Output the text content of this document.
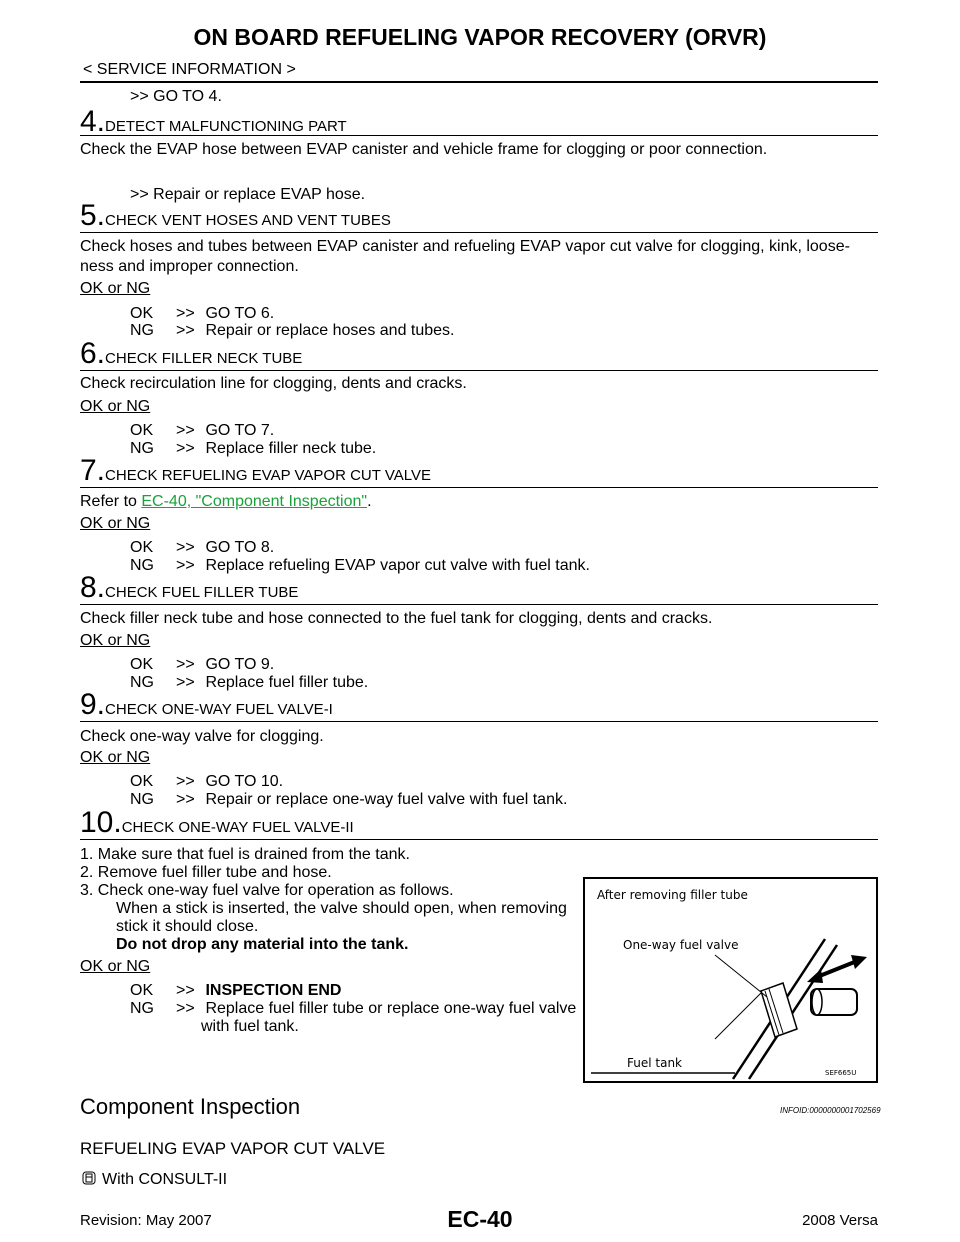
ON BOARD REFUELING VAPOR RECOVERY (ORVR)
< SERVICE INFORMATION >
>> GO TO 4.
4. DETECT MALFUNCTIONING PART
Check the EVAP hose between EVAP canister and vehicle frame for clogging or poor connection.
>> Repair or replace EVAP hose.
5. CHECK VENT HOSES AND VENT TUBES
Check hoses and tubes between EVAP canister and refueling EVAP vapor cut valve for clogging, kink, loose-
ness and improper connection.
OK or NG
OK >> GO TO 6.
NG >> Repair or replace hoses and tubes.
6. CHECK FILLER NECK TUBE
Check recirculation line for clogging, dents and cracks.
OK or NG
OK >> GO TO 7.
NG >> Replace filler neck tube.
7. CHECK REFUELING EVAP VAPOR CUT VALVE
Refer to EC-40, "Component Inspection".
OK or NG
OK >> GO TO 8.
NG >> Replace refueling EVAP vapor cut valve with fuel tank.
8. CHECK FUEL FILLER TUBE
Check filler neck tube and hose connected to the fuel tank for clogging, dents and cracks.
OK or NG
OK >> GO TO 9.
NG >> Replace fuel filler tube.
9. CHECK ONE-WAY FUEL VALVE-I
Check one-way valve for clogging.
OK or NG
OK >> GO TO 10.
NG >> Repair or replace one-way fuel valve with fuel tank.
10. CHECK ONE-WAY FUEL VALVE-II
1. Make sure that fuel is drained from the tank.
2. Remove fuel filler tube and hose.
3. Check one-way fuel valve for operation as follows.
When a stick is inserted, the valve should open, when removing
stick it should close.
Do not drop any material into the tank.
OK or NG
OK >> INSPECTION END
NG >> Replace fuel filler tube or replace one-way fuel valve
with fuel tank.
After removing filler tube
One-way fuel valve
Fuel tank
SEF665U
Component Inspection	INFOID:0000000001702569
REFUELING EVAP VAPOR CUT VALVE
With CONSULT-II
EC-40
Revision: May 2007	2008 Versa
